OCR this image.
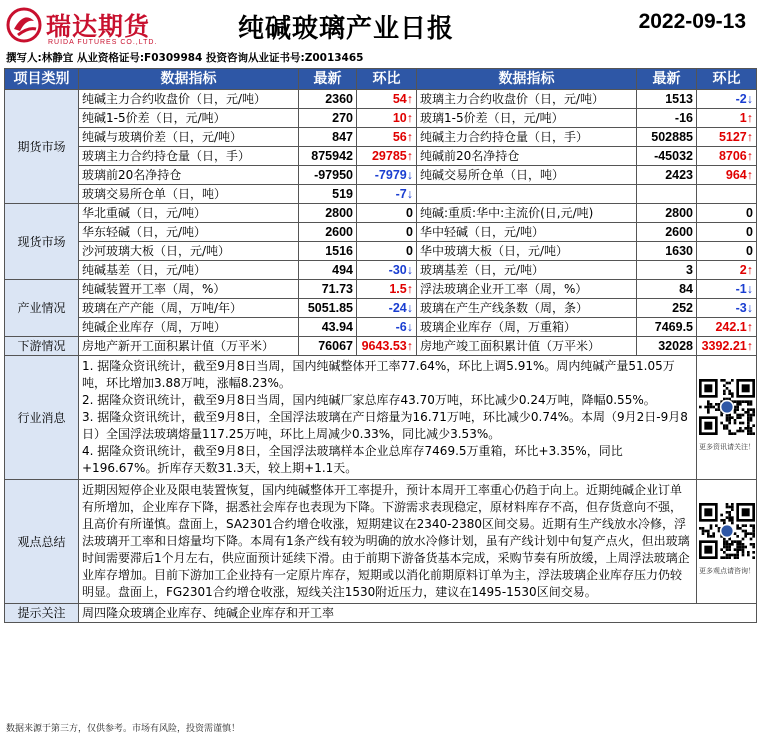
瑞达期货
RUIDA FUTURES CO.,LTD.	纯碱玻璃产业日报	2022-09-13
撰写人:林静宜 从业资格证号:F0309984 投资咨询从业证书号:Z0013465
项目类别	数据指标	最新	环比	数据指标	最新	环比
期货市场	纯碱主力合约收盘价（日，元/吨）	2360	54↑	玻璃主力合约收盘价（日，元/吨）	1513	-2↓
	纯碱1-5价差（日，元/吨）	270	10↑	玻璃1-5价差（日，元/吨）	-16	1↑
	纯碱与玻璃价差（日，元/吨）	847	56↑	纯碱主力合约持仓量（日，手）	502885	5127↑
	玻璃主力合约持仓量（日，手）	875942	29785↑	纯碱前20名净持仓	-45032	8706↑
	玻璃前20名净持仓	-97950	-7979↓	纯碱交易所仓单（日，吨）	2423	964↑
	玻璃交易所仓单（日，吨）	519	-7↓			
现货市场	华北重碱（日，元/吨）	2800	0	纯碱:重质:华中:主流价(日,元/吨)	2800	0
	华东轻碱（日，元/吨）	2600	0	华中轻碱（日，元/吨）	2600	0
	沙河玻璃大板（日，元/吨）	1516	0	华中玻璃大板（日，元/吨）	1630	0
	纯碱基差（日，元/吨）	494	-30↓	玻璃基差（日，元/吨）	3	2↑
产业情况	纯碱装置开工率（周，%）	71.73	1.5↑	浮法玻璃企业开工率（周，%）	84	-1↓
	玻璃在产产能（周，万吨/年）	5051.85	-24↓	玻璃在产生产线条数（周，条）	252	-3↓
	纯碱企业库存（周，万吨）	43.94	-6↓	玻璃企业库存（周，万重箱）	7469.5	242.1↑
下游情况	房地产新开工面积累计值（万平米）	76067	9643.53↑	房地产竣工面积累计值（万平米）	32028	3392.21↑
行业消息	1. 据隆众资讯统计，截至9月8日当周，国内纯碱整体开工率77.64%，环比上调5.91%。周内纯碱产量51.05万吨，环比增加3.88万吨，涨幅8.23%。
2. 据隆众资讯统计，截至9月8日当周，国内纯碱厂家总库存43.70万吨，环比减少0.24万吨，降幅0.55%。
3. 据隆众资讯统计，截至9月8日，全国浮法玻璃在产日熔量为16.71万吨，环比减少0.74%。本周（9月2日-9月8日）全国浮法玻璃熔量117.25万吨，环比上周减少0.33%，同比减少3.53%。
4. 据隆众资讯统计，截至9月8日，全国浮法玻璃样本企业总库存7469.5万重箱，环比+3.35%，同比+196.67%。折库存天数31.3天，较上期+1.1天。					更多资讯请关注！

观点总结	近期因短停企业及限电装置恢复，国内纯碱整体开工率提升，预计本周开工率重心仍趋于向上。近期纯碱企业订单有所增加，企业库存下降，据悉社会库存也表现为下降。下游需求表现稳定，原材料库存不高，但存货意向不强，且高价有所谨慎。盘面上，SA2301合约增仓收涨，短期建议在2340-2380区间交易。近期有生产线放水冷修，浮法玻璃开工率和日熔量均下降。本周有1条产线有较为明确的放水冷修计划，虽有产线计划中旬复产点火，但出玻璃时间需要滞后1个月左右，供应面预计延续下滑。由于前期下游备货基本完成，采购节奏有所放缓，上周浮法玻璃企业库存增加。目前下游加工企业持有一定原片库存，短期或以消化前期原料订单为主，浮法玻璃企业库存压力仍较明显。盘面上，FG2301合约增仓收涨，短线关注1530附近压力，建议在1495-1530区间交易。					更多观点请咨询！

提示关注	周四隆众玻璃企业库存、纯碱企业库存和开工率					
数据来源于第三方，仅供参考。市场有风险，投资需谨慎！
